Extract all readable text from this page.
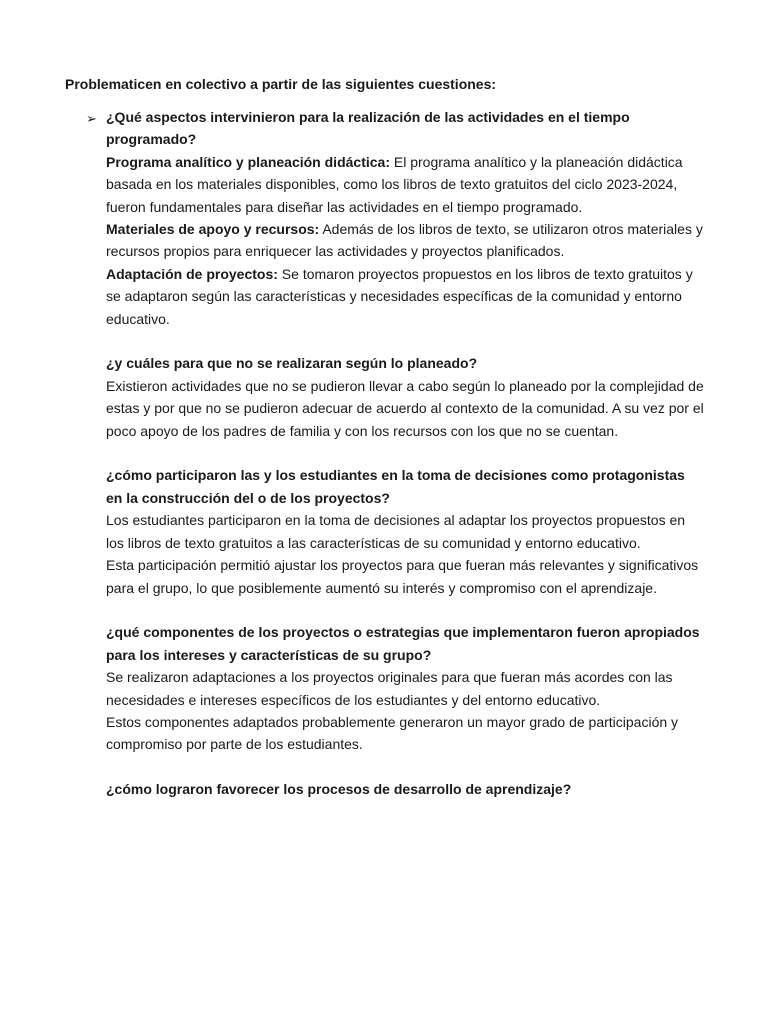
Problematicen en colectivo a partir de las siguientes cuestiones:
➢ ¿Qué aspectos intervinieron para la realización de las actividades en el tiempo programado?

Programa analítico y planeación didáctica: El programa analítico y la planeación didáctica basada en los materiales disponibles, como los libros de texto gratuitos del ciclo 2023-2024, fueron fundamentales para diseñar las actividades en el tiempo programado.

Materiales de apoyo y recursos: Además de los libros de texto, se utilizaron otros materiales y recursos propios para enriquecer las actividades y proyectos planificados.

Adaptación de proyectos: Se tomaron proyectos propuestos en los libros de texto gratuitos y se adaptaron según las características y necesidades específicas de la comunidad y entorno educativo.

¿y cuáles para que no se realizaran según lo planeado?

Existieron actividades que no se pudieron llevar a cabo según lo planeado por la complejidad de estas y por que no se pudieron adecuar de acuerdo al contexto de la comunidad. A su vez por el poco apoyo de los padres de familia y con los recursos con los que no se cuentan.

¿cómo participaron las y los estudiantes en la toma de decisiones como protagonistas en la construcción del o de los proyectos?

Los estudiantes participaron en la toma de decisiones al adaptar los proyectos propuestos en los libros de texto gratuitos a las características de su comunidad y entorno educativo.

Esta participación permitió ajustar los proyectos para que fueran más relevantes y significativos para el grupo, lo que posiblemente aumentó su interés y compromiso con el aprendizaje.

¿qué componentes de los proyectos o estrategias que implementaron fueron apropiados para los intereses y características de su grupo?

Se realizaron adaptaciones a los proyectos originales para que fueran más acordes con las necesidades e intereses específicos de los estudiantes y del entorno educativo.

Estos componentes adaptados probablemente generaron un mayor grado de participación y compromiso por parte de los estudiantes.

¿cómo lograron favorecer los procesos de desarrollo de aprendizaje?
